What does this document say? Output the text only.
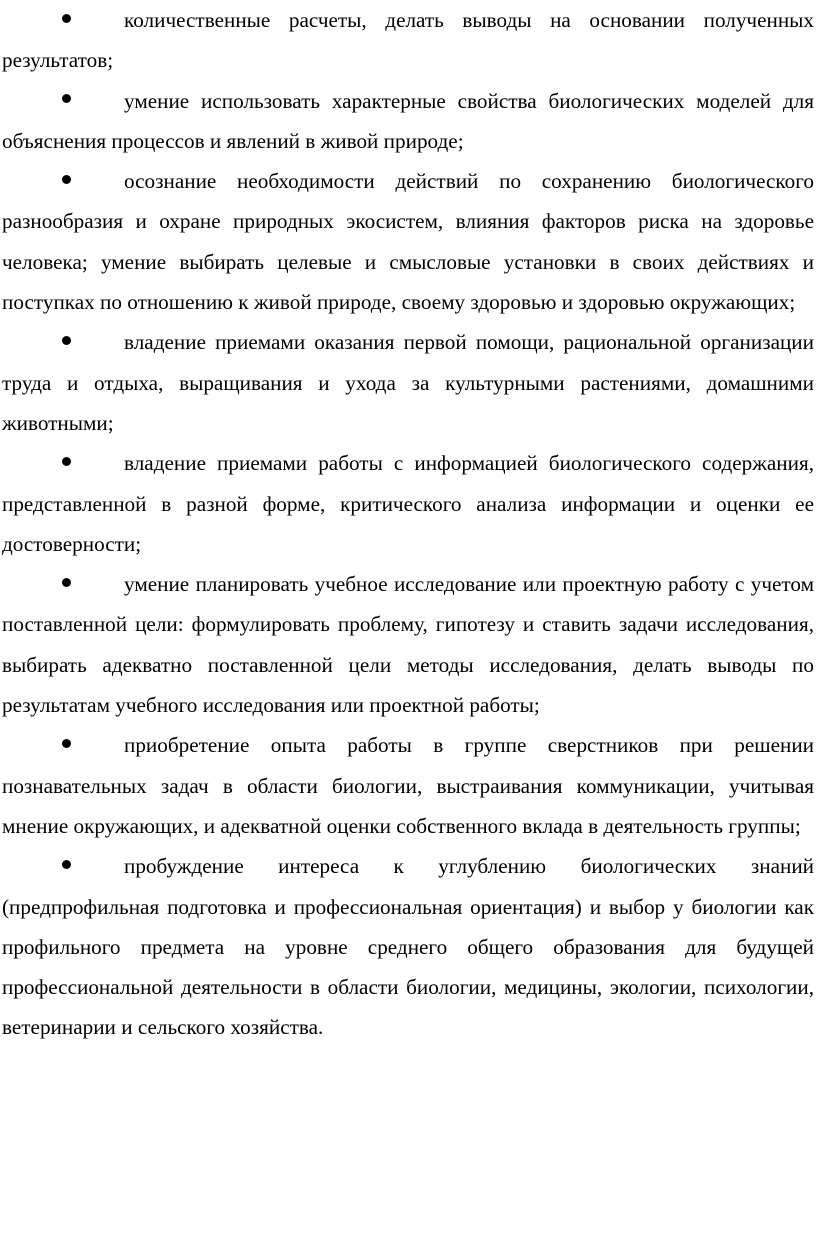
количественные расчеты, делать выводы на основании полученных результатов;

умение использовать характерные свойства биологических моделей для объяснения процессов и явлений в живой природе;

осознание необходимости действий по сохранению биологического разнообразия и охране природных экосистем, влияния факторов риска на здоровье человека; умение выбирать целевые и смысловые установки в своих действиях и поступках по отношению к живой природе, своему здоровью и здоровью окружающих;

владение приемами оказания первой помощи, рациональной организации труда и отдыха, выращивания и ухода за культурными растениями, домашними животными;

владение приемами работы с информацией биологического содержания, представленной в разной форме, критического анализа информации и оценки ее достоверности;

умение планировать учебное исследование или проектную работу с учетом поставленной цели: формулировать проблему, гипотезу и ставить задачи исследования, выбирать адекватно поставленной цели методы исследования, делать выводы по результатам учебного исследования или проектной работы;

приобретение опыта работы в группе сверстников при решении познавательных задач в области биологии, выстраивания коммуникации, учитывая мнение окружающих, и адекватной оценки собственного вклада в деятельность группы;

пробуждение интереса к углублению биологических знаний (предпрофильная подготовка и профессиональная ориентация) и выбор у биологии как профильного предмета на уровне среднего общего образования для будущей профессиональной деятельности в области биологии, медицины, экологии, психологии, ветеринарии и сельского хозяйства.
